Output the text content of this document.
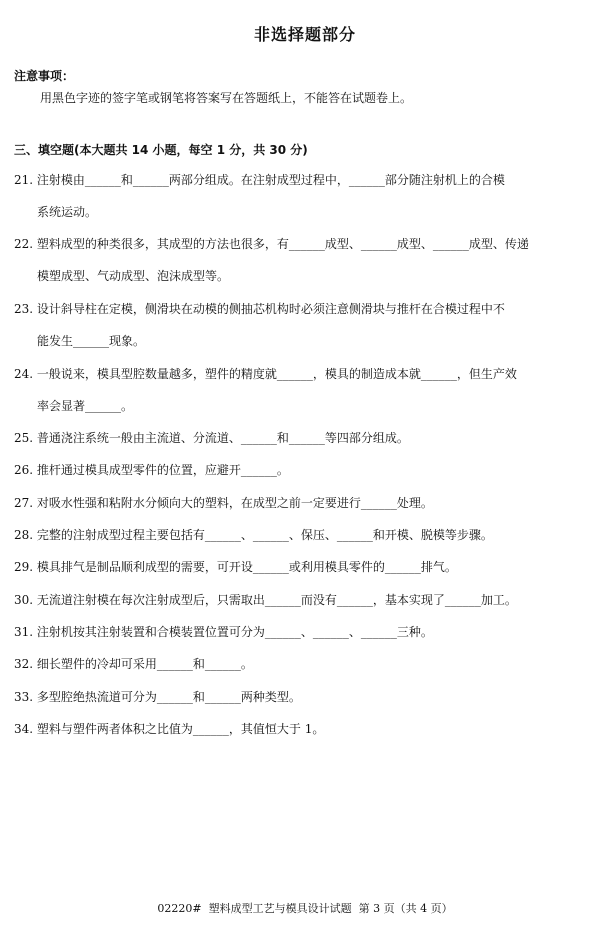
非选择题部分
注意事项：
用黑色字迹的签字笔或钢笔将答案写在答题纸上，不能答在试题卷上。
三、填空题(本大题共 14 小题，每空 1 分，共 30 分)
21. 注射模由______和______两部分组成。在注射成型过程中，______部分随注射机上的合模
系统运动。
22. 塑料成型的种类很多，其成型的方法也很多，有______成型、______成型、______成型、传递
模塑成型、气动成型、泡沫成型等。
23. 设计斜导柱在定模，侧滑块在动模的侧抽芯机构时必须注意侧滑块与推杆在合模过程中不
能发生______现象。
24. 一般说来，模具型腔数量越多，塑件的精度就______，模具的制造成本就______，但生产效
率会显著______。
25. 普通浇注系统一般由主流道、分流道、______和______等四部分组成。
26. 推杆通过模具成型零件的位置，应避开______。
27. 对吸水性强和粘附水分倾向大的塑料，在成型之前一定要进行______处理。
28. 完整的注射成型过程主要包括有______、______、保压、______和开模、脱模等步骤。
29. 模具排气是制品顺利成型的需要，可开设______或利用模具零件的______排气。
30. 无流道注射模在每次注射成型后，只需取出______而没有______，基本实现了______加工。
31. 注射机按其注射装置和合模装置位置可分为______、______、______三种。
32. 细长塑件的冷却可采用______和______。
33. 多型腔绝热流道可分为______和______两种类型。
34. 塑料与塑件两者体积之比值为______，其值恒大于 1。
02220#  塑料成型工艺与模具设计试题  第 3 页（共 4 页）
